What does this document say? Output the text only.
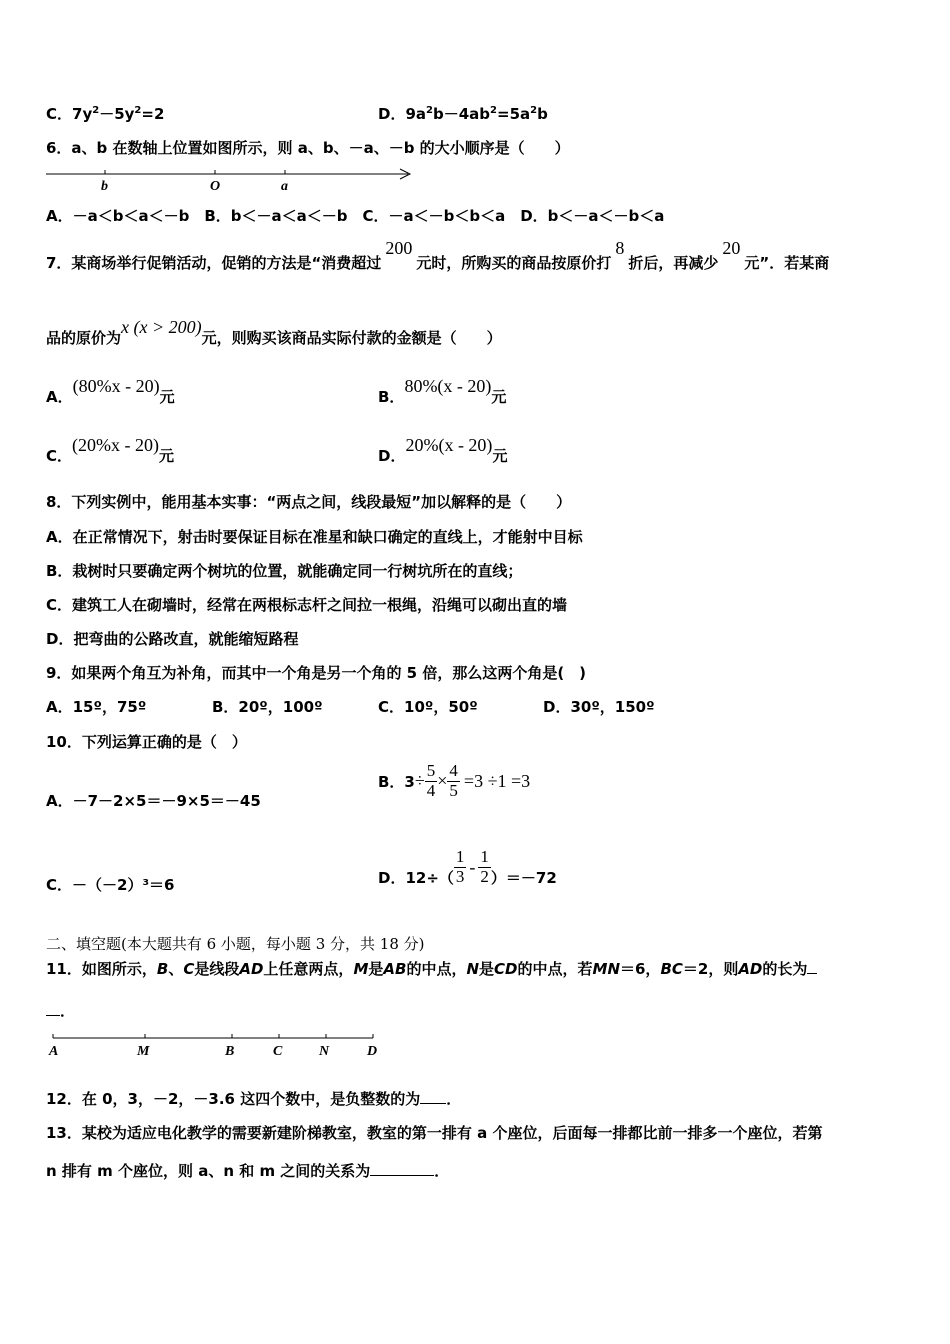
C．$7y^2-5y^2=2$	D．$9a^2b-4ab^2=5a^2b$
6．a、b 在数轴上位置如图所示，则 a、b、－a、－b 的大小顺序是（　　）
b	O	a
A．－a＜b＜a＜－b　B．b＜－a＜a＜－b　C．－a＜－b＜b＜a　D．b＜－a＜－b＜a
7．某商场举行促销活动，促销的方法是“消费超过200元时，所购买的商品按原价打8折后，再减少20元”．若某商
品的原价为x (x > 200)元，则购买该商品实际付款的金额是（　　）
A．(80%x - 20)元	B．80%(x - 20)元
C．(20%x - 20)元	D．20%(x - 20)元
8．下列实例中，能用基本实事：“两点之间，线段最短”加以解释的是（　　）
A．在正常情况下，射击时要保证目标在准星和缺口确定的直线上，才能射中目标
B．栽树时只要确定两个树坑的位置，就能确定同一行树坑所在的直线；
C．建筑工人在砌墙时，经常在两根标志杆之间拉一根绳，沿绳可以砌出直的墙
D．把弯曲的公路改直，就能缩短路程
9．如果两个角互为补角，而其中一个角是另一个角的 5 倍，那么这两个角是(　)
A．15º，75º	B．20º，100º	C．10º，50º	D．30º，150º
10．下列运算正确的是（　）
A．－7－2×5＝－9×5＝－45
B．$3\div \frac{5}{4} \times \frac{4}{5} =3 \div 1 =3$
C．－（－2）³＝6	D．$12\div( \frac{1}{3} - \frac{1}{2} )=-72$
二、填空题(本大题共有 6 小题，每小题 3 分，共 18 分)
11．如图所示，B、C是线段AD上任意两点，M是AB的中点，N是CD的中点，若MN＝6，BC＝2，则AD的长为
．
A	M	B	C	N	D
12．在 0，3，－2，－3.6 这四个数中，是负整数的为 ．
13．某校为适应电化教学的需要新建阶梯教室，教室的第一排有 a 个座位，后面每一排都比前一排多一个座位，若第
n 排有 m 个座位，则 a、n 和 m 之间的关系为	．
